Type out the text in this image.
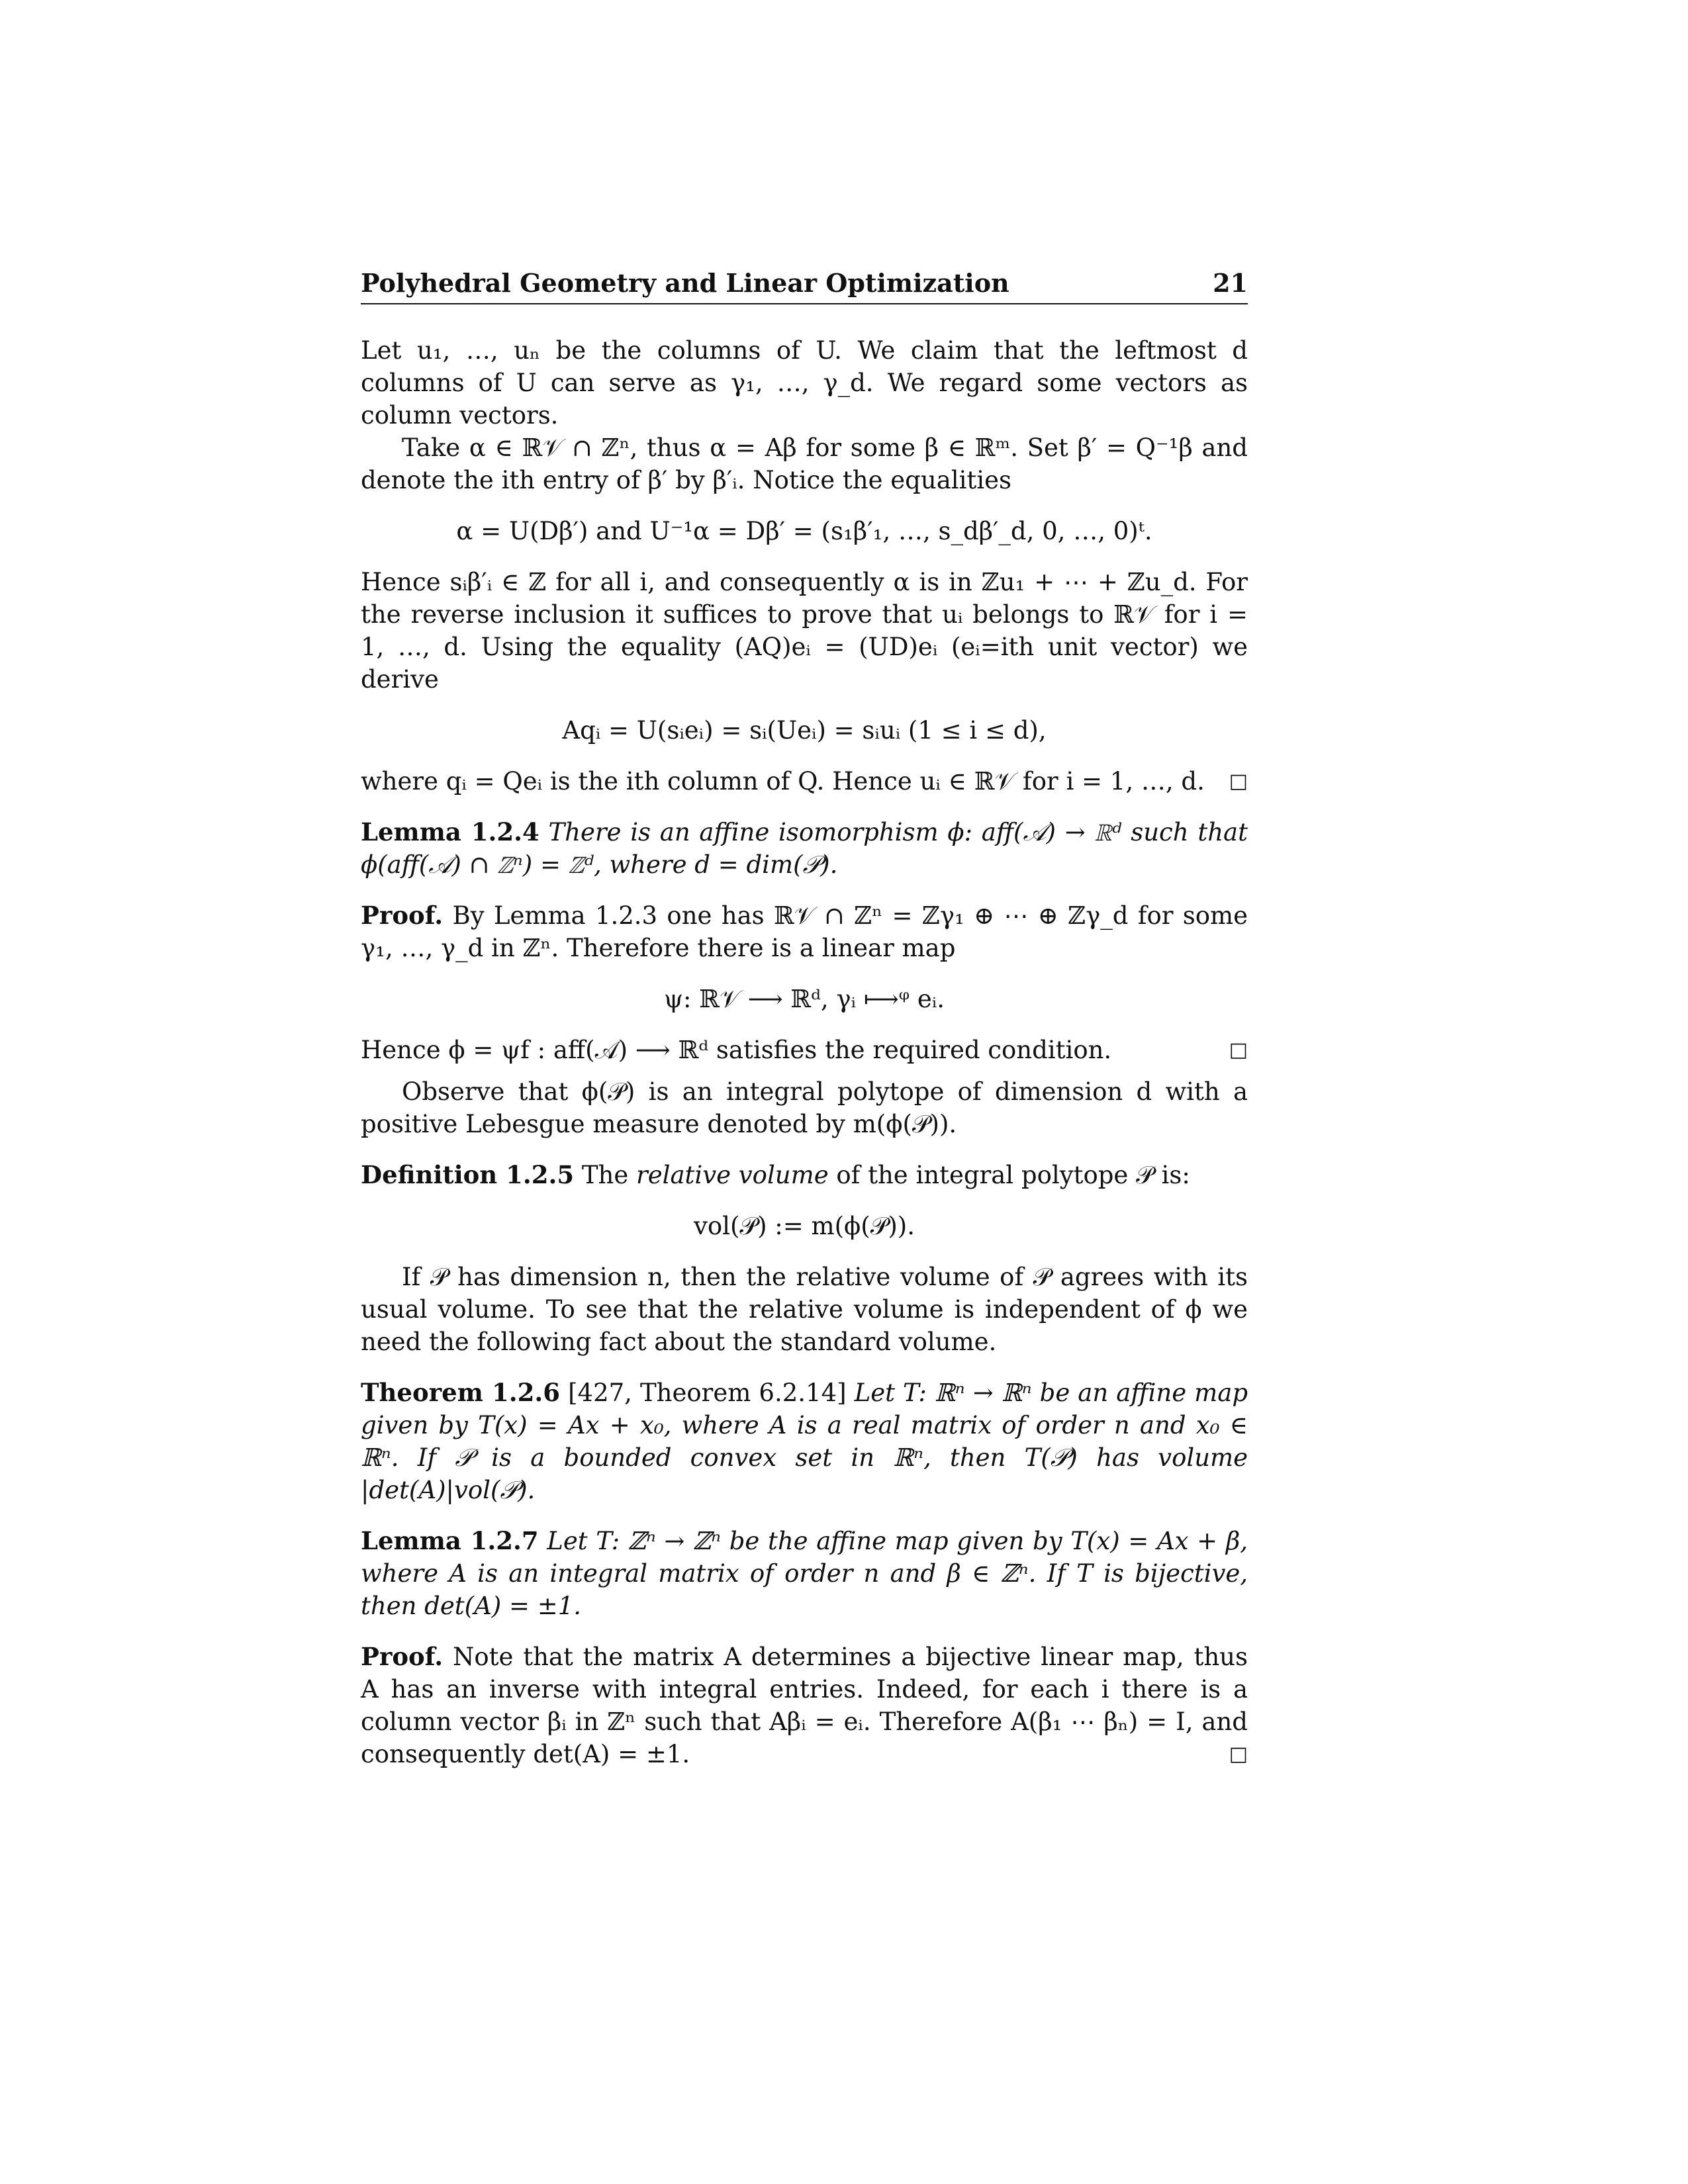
Polyhedral Geometry and Linear Optimization	21

Let u₁, …, uₙ be the columns of U. We claim that the leftmost d columns of U can serve as γ₁, …, γ_d. We regard some vectors as column vectors.

Take α ∈ ℝ𝒱 ∩ ℤⁿ, thus α = Aβ for some β ∈ ℝᵐ. Set β′ = Q⁻¹β and denote the ith entry of β′ by β′ᵢ. Notice the equalities

α = U(Dβ′) and U⁻¹α = Dβ′ = (s₁β′₁, …, s_dβ′_d, 0, …, 0)ᵗ.

Hence sᵢβ′ᵢ ∈ ℤ for all i, and consequently α is in ℤu₁ + ⋯ + ℤu_d. For the reverse inclusion it suffices to prove that uᵢ belongs to ℝ𝒱 for i = 1, …, d. Using the equality (AQ)eᵢ = (UD)eᵢ (eᵢ=ith unit vector) we derive

Aqᵢ = U(sᵢeᵢ) = sᵢ(Ueᵢ) = sᵢuᵢ (1 ≤ i ≤ d),

□
where qᵢ = Qeᵢ is the ith column of Q. Hence uᵢ ∈ ℝ𝒱 for i = 1, …, d.

Lemma 1.2.4 There is an affine isomorphism ϕ: aff(𝒜) → ℝᵈ such that ϕ(aff(𝒜) ∩ ℤⁿ) = ℤᵈ, where d = dim(𝒫).

Proof. By Lemma 1.2.3 one has ℝ𝒱 ∩ ℤⁿ = ℤγ₁ ⊕ ⋯ ⊕ ℤγ_d for some γ₁, …, γ_d in ℤⁿ. Therefore there is a linear map

ψ: ℝ𝒱 ⟶ ℝᵈ, γᵢ ⟼ᵠ eᵢ.

□
Hence ϕ = ψf : aff(𝒜) ⟶ ℝᵈ satisfies the required condition.

Observe that ϕ(𝒫) is an integral polytope of dimension d with a positive Lebesgue measure denoted by m(ϕ(𝒫)).

Definition 1.2.5 The relative volume of the integral polytope 𝒫 is:

vol(𝒫) := m(ϕ(𝒫)).

If 𝒫 has dimension n, then the relative volume of 𝒫 agrees with its usual volume. To see that the relative volume is independent of ϕ we need the following fact about the standard volume.

Theorem 1.2.6 [427, Theorem 6.2.14] Let T: ℝⁿ → ℝⁿ be an affine map given by T(x) = Ax + x₀, where A is a real matrix of order n and x₀ ∈ ℝⁿ. If 𝒫 is a bounded convex set in ℝⁿ, then T(𝒫) has volume |det(A)|vol(𝒫).

Lemma 1.2.7 Let T: ℤⁿ → ℤⁿ be the affine map given by T(x) = Ax + β, where A is an integral matrix of order n and β ∈ ℤⁿ. If T is bijective, then det(A) = ±1.

Proof. Note that the matrix A determines a bijective linear map, thus A has an inverse with integral entries. Indeed, for each i there is a column vector βᵢ in ℤⁿ such that Aβᵢ = eᵢ. Therefore A(β₁ ⋯ βₙ) = I, and consequently det(A) = ±1.	□
